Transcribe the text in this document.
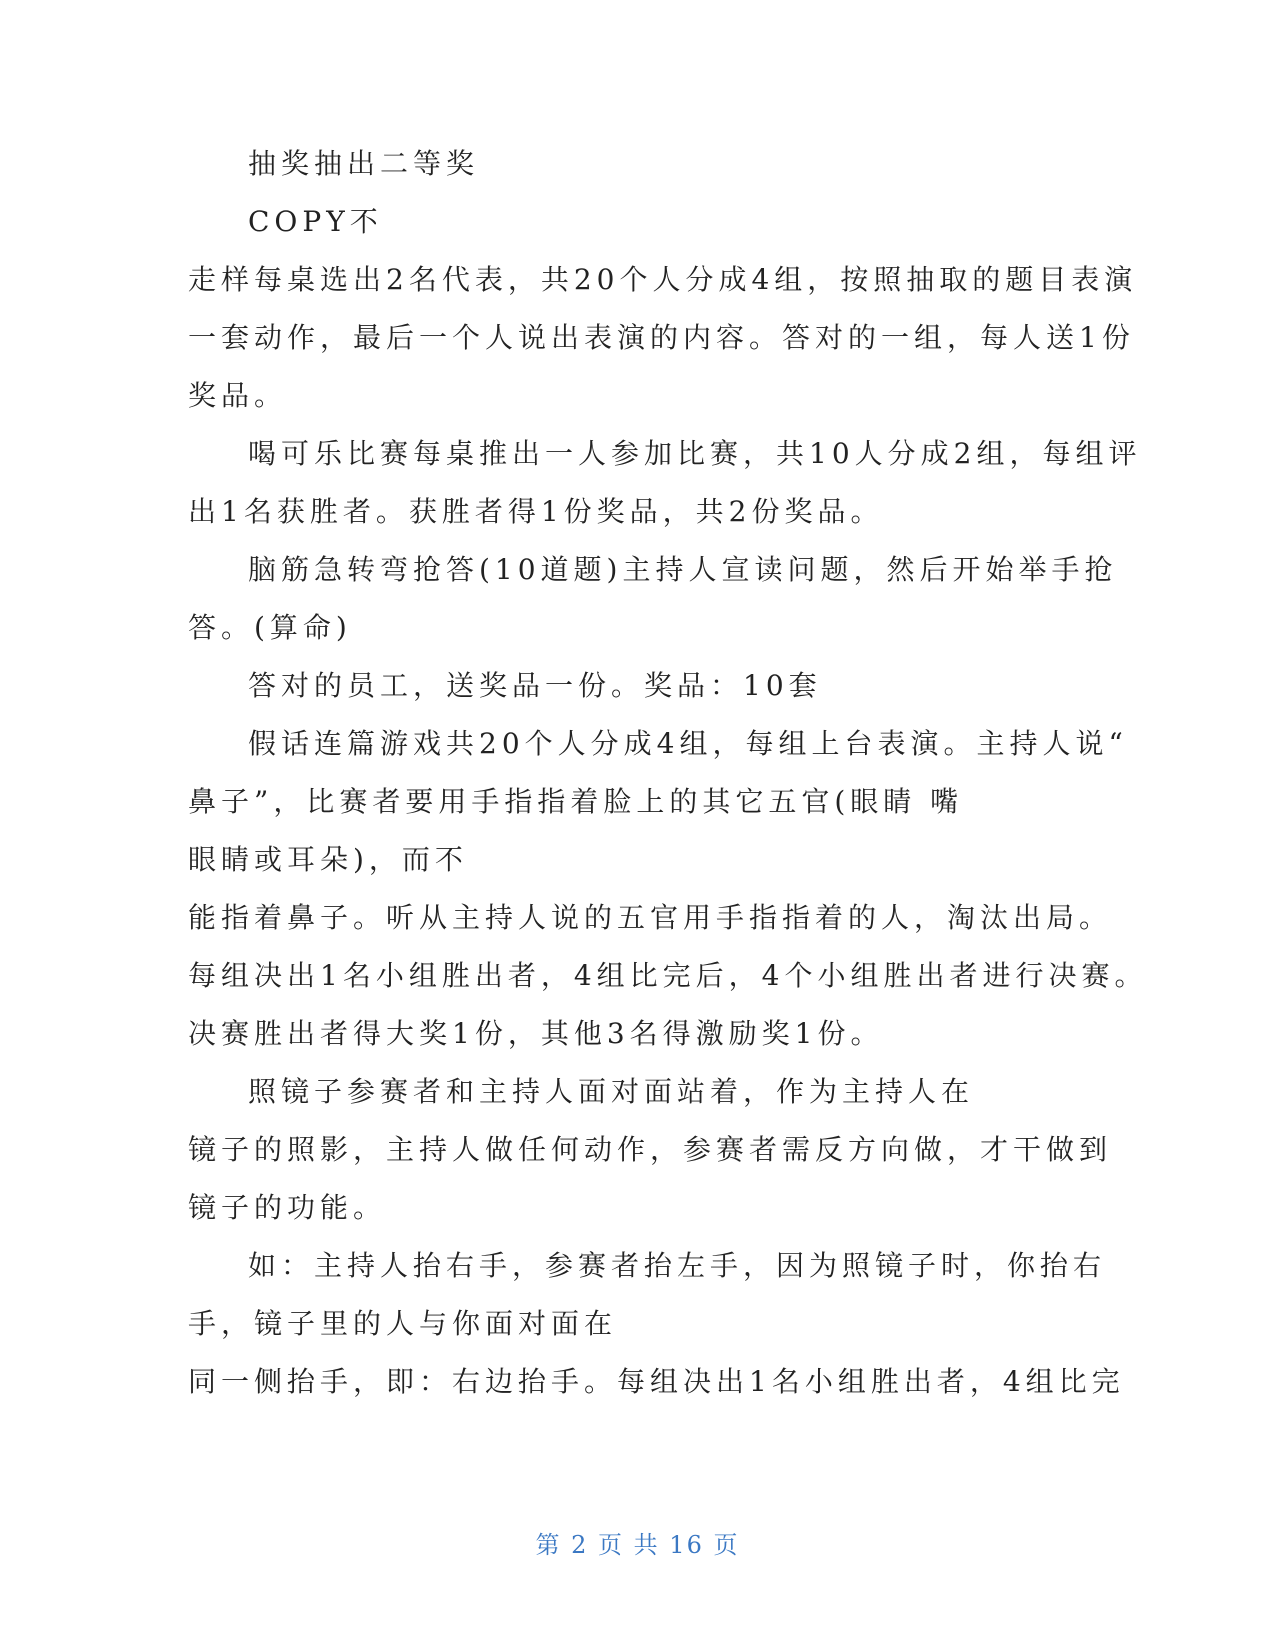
抽奖抽出二等奖
COPY不
走样每桌选出2名代表，共20个人分成4组，按照抽取的题目表演
一套动作，最后一个人说出表演的内容。答对的一组，每人送1份
奖品。
喝可乐比赛每桌推出一人参加比赛，共10人分成2组，每组评
出1名获胜者。获胜者得1份奖品，共2份奖品。
脑筋急转弯抢答(10道题)主持人宣读问题，然后开始举手抢
答。(算命)
答对的员工，送奖品一份。奖品：10套
假话连篇游戏共20个人分成4组，每组上台表演。主持人说“
鼻子”，比赛者要用手指指着脸上的其它五官(眼睛 嘴
眼睛或耳朵)，而不
能指着鼻子。听从主持人说的五官用手指指着的人，淘汰出局。
每组决出1名小组胜出者，4组比完后，4个小组胜出者进行决赛。
决赛胜出者得大奖1份，其他3名得激励奖1份。
照镜子参赛者和主持人面对面站着，作为主持人在
镜子的照影，主持人做任何动作，参赛者需反方向做，才干做到
镜子的功能。
如：主持人抬右手，参赛者抬左手，因为照镜子时，你抬右
手，镜子里的人与你面对面在
同一侧抬手，即：右边抬手。每组决出1名小组胜出者，4组比完
第 2 页 共 16 页
